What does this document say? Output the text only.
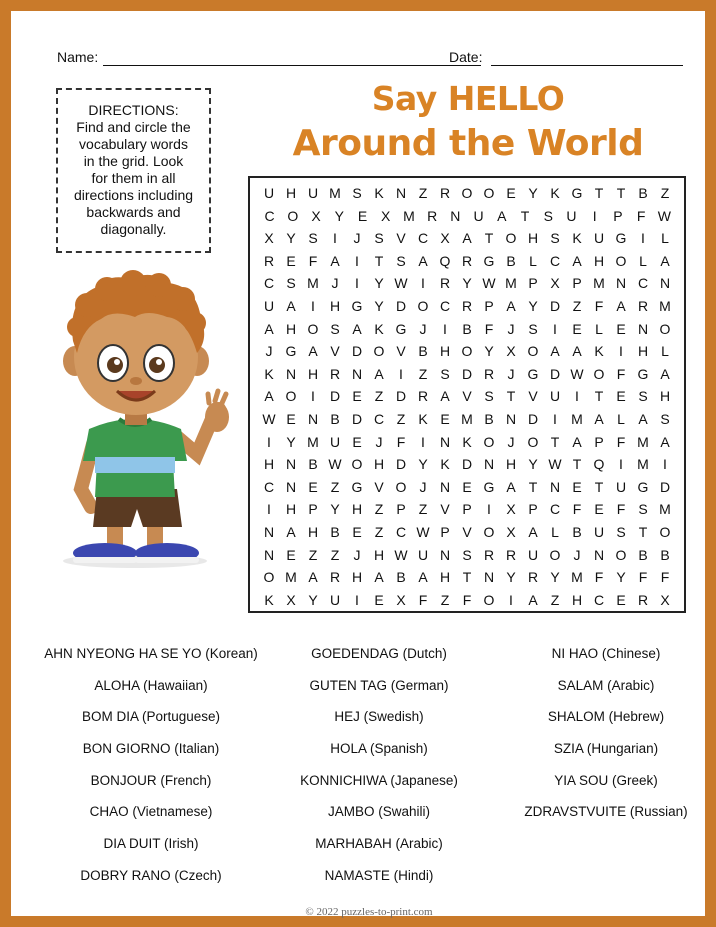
Name:	Date:
DIRECTIONS:
Find and circle the
vocabulary words
in the grid. Look
for them in all
directions including
backwards and
diagonally.
Say HELLO
Around the World
U H U M S K N Z R O O E Y K G T T B Z
C O X Y E X M R N U A	T	S U	I	P	F W
X Y S	I	J S V C X A T O H S K U G	I	L
R E F A	I	T S A Q R G B L C A H O L A
C S M J	I	Y W I	R Y W M P X P M N C N
U A	I	H G Y D O C R P A Y D Z F A R M
A H O S A K G J	I	B F	J S	I	E L E N O
J G A V D O V B H O Y X O A A K	I	H L
K N H R N A	I	Z S D R J G D W O F G A
A O	I	D E Z D R A V S T V U	I	T E S H
W E N B D C Z K E M B N D	I	M A L A S
I	Y M U E J	F	I	N K O J O T A P F M A
H N B W O H D Y K D N H Y W T Q	I	M	I
C N E Z G V O J N E G A T N E T U G D
I	H P Y H Z P Z V P	I	X P C F E F S M
N A H B E Z C W P V O X A L B U S T O
N E Z Z	J H W U N S R R U O J N O B B
O M A R H A B A H T N Y R Y M F Y F F
K X Y U	I	E X F Z F O	I	A Z H C E R X
AHN NYEONG HA SE YO (Korean)
ALOHA (Hawaiian)
BOM DIA (Portuguese)
BON GIORNO (Italian)
BONJOUR (French)
CHAO (Vietnamese)
DIA DUIT (Irish)
DOBRY RANO (Czech)
GOEDENDAG (Dutch)
GUTEN TAG (German)
HEJ (Swedish)
HOLA (Spanish)
KONNICHIWA (Japanese)
JAMBO (Swahili)
MARHABAH (Arabic)
NAMASTE (Hindi)
NI HAO (Chinese)
SALAM (Arabic)
SHALOM (Hebrew)
SZIA (Hungarian)
YIA SOU (Greek)
ZDRAVSTVUITE (Russian)
© 2022 puzzles-to-print.com
